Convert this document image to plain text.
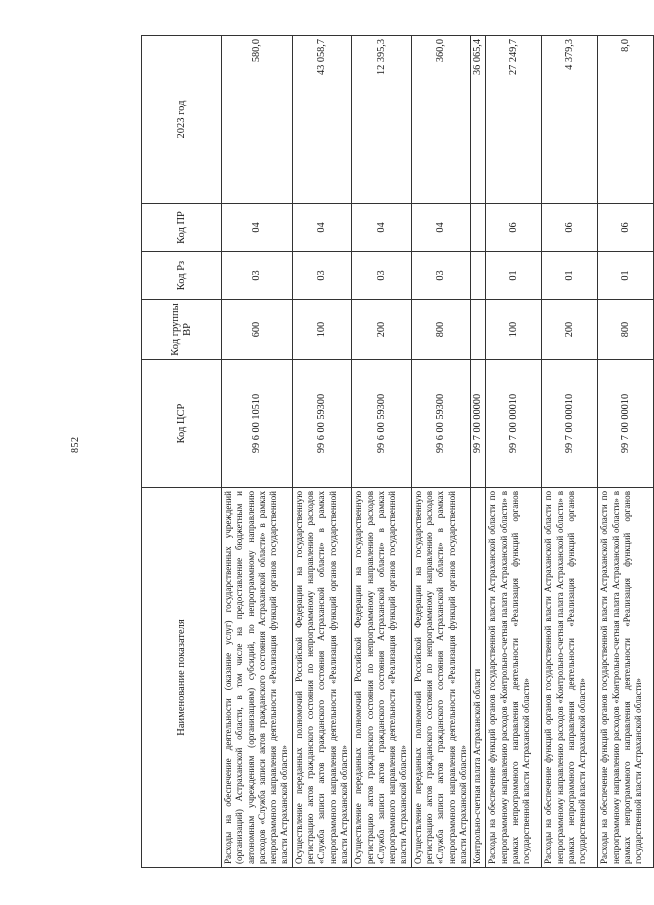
852
Наименование показателя	Код ЦСР	Код группы ВР	Код Рз	Код ПР	2023 год
Расходы на обеспечение деятельности (оказание услуг) государственных учреждений (организаций) Астраханской области, в том числе на предоставление бюджетным и автономным учреждениям (организациям) субсидий, по непрограммному направлению расходов «Служба записи актов гражданского состояния Астраханской области» в рамках непрограммного направления деятельности «Реализация функций органов государственной власти Астраханской области»	99 6 00 10510	600	03	04	580,0
Осуществление переданных полномочий Российской Федерации на государственную регистрацию актов гражданского состояния по непрограммному направлению расходов «Служба записи актов гражданского состояния Астраханской области» в рамках непрограммного направления деятельности «Реализация функций органов государственной власти Астраханской области»	99 6 00 59300	100	03	04	43 058,7
Осуществление переданных полномочий Российской Федерации на государственную регистрацию актов гражданского состояния по непрограммному направлению расходов «Служба записи актов гражданского состояния Астраханской области» в рамках непрограммного направления деятельности «Реализация функций органов государственной власти Астраханской области»	99 6 00 59300	200	03	04	12 395,3
Осуществление переданных полномочий Российской Федерации на государственную регистрацию актов гражданского состояния по непрограммному направлению расходов «Служба записи актов гражданского состояния Астраханской области» в рамках непрограммного направления деятельности «Реализация функций органов государственной власти Астраханской области»	99 6 00 59300	800	03	04	360,0
Контрольно-счетная палата Астраханской области	99 7 00 00000				36 065,4
Расходы на обеспечение функций органов государственной власти Астраханской области по непрограммному направлению расходов «Контрольно-счетная палата Астраханской области» в рамках непрограммного направления деятельности «Реализация функций органов государственной власти Астраханской области»	99 7 00 00010	100	01	06	27 249,7
Расходы на обеспечение функций органов государственной власти Астраханской области по непрограммному направлению расходов «Контрольно-счетная палата Астраханской области» в рамках непрограммного направления деятельности «Реализация функций органов государственной власти Астраханской области»	99 7 00 00010	200	01	06	4 379,3
Расходы на обеспечение функций органов государственной власти Астраханской области по непрограммному направлению расходов «Контрольно-счетная палата Астраханской области» в рамках непрограммного направления деятельности «Реализация функций органов государственной власти Астраханской области»	99 7 00 00010	800	01	06	8,0
